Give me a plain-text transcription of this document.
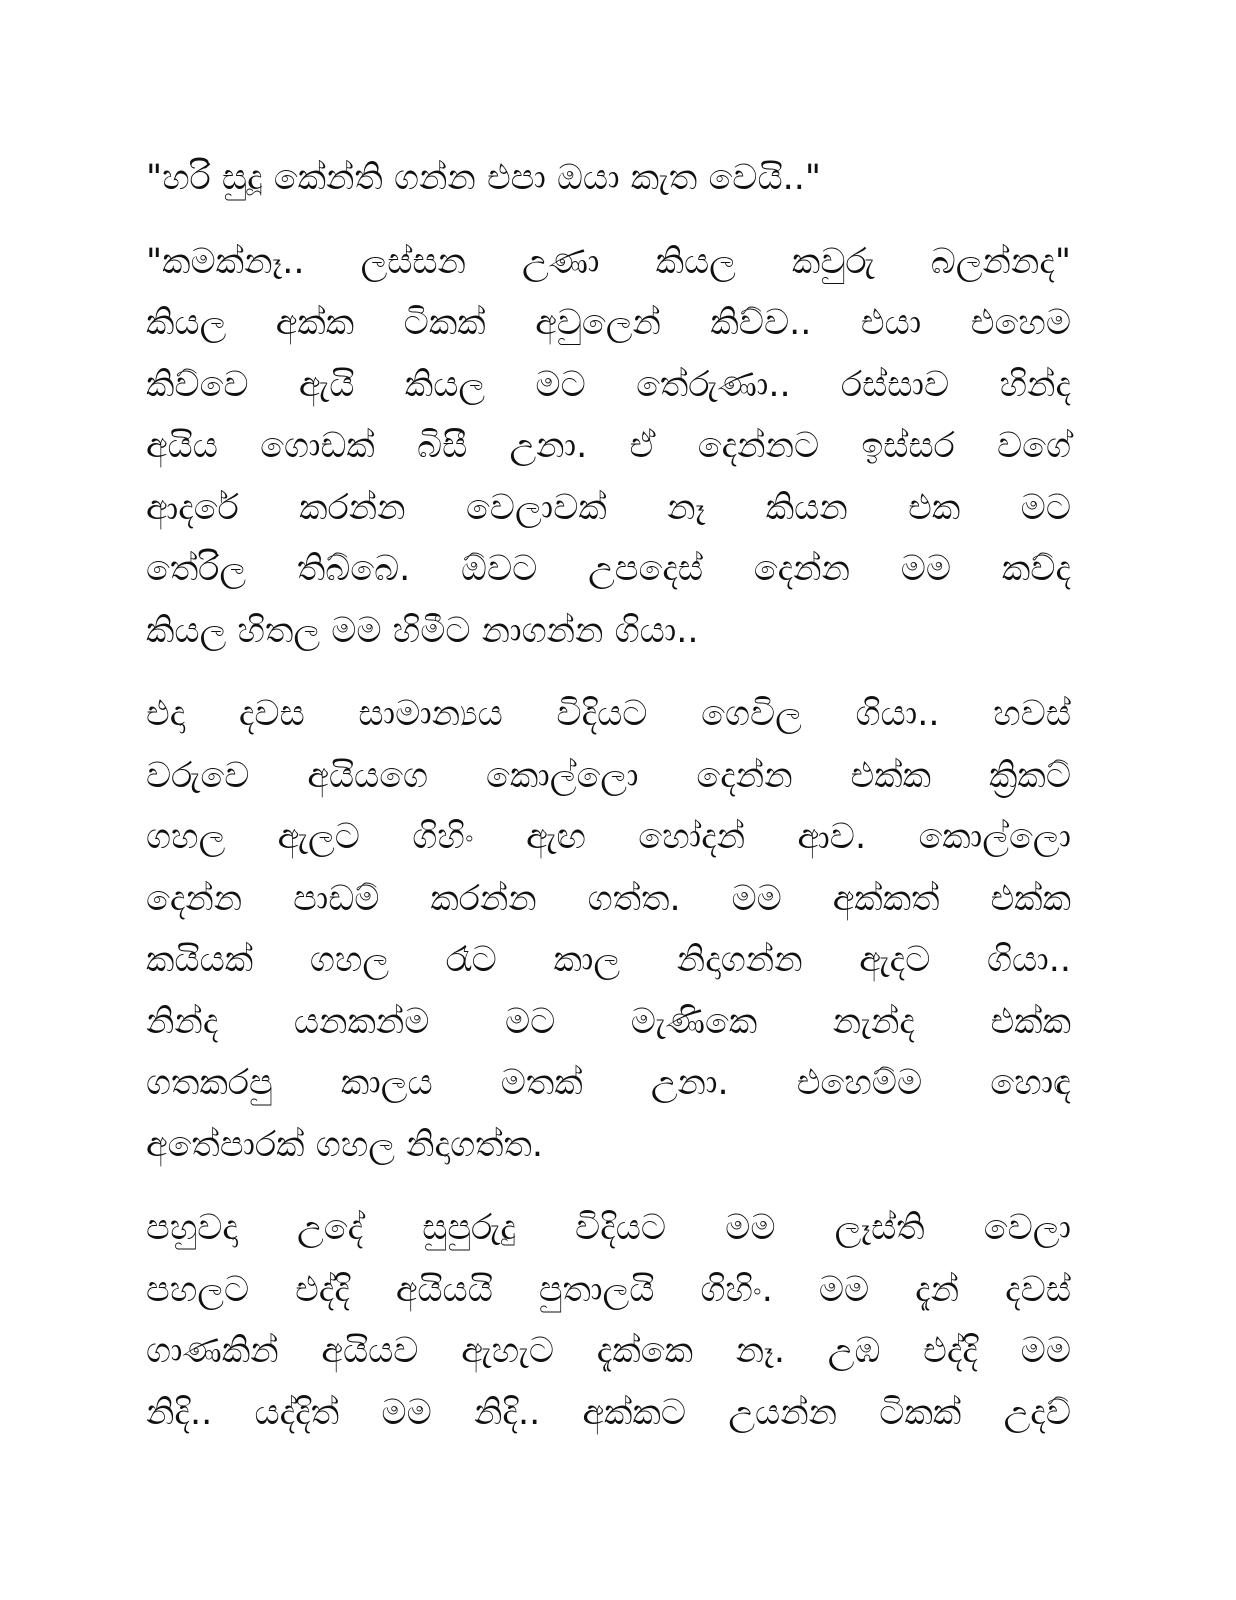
"හරි සුදූ කේන්ති ගන්න එපා ඔයා කැත වෙයි.."

"කමක්නෑ.. ලස්සන උණා කියල කවුරු බලන්නද"
කියල අක්ක ටිකක් අවුලෙන් කිව්ව.. එයා එහෙම
කිව්වෙ ඇයි කියල මට තේරුණා.. රස්සාව හින්ද
අයිය ගොඩක් බිසී උනා. ඒ දෙන්නට ඉස්සර වගේ
ආදරේ කරන්න වෙලාවක් නෑ කියන එක මට
තේරිල තිබ්බෙ. ඕවට උපදෙස් දෙන්න මම කව්ද
කියල හිතල මම හිමීට නාගන්න ගියා..

එදා දවස සාමාන්‍යය විදියට ගෙවිල ගියා.. හවස්
වරුවෙ අයියගෙ කොල්ලො දෙන්න එක්ක ක්‍රිකට්
ගහල ඇලට ගිහිං ඇඟ හෝදන් ආව. කොල්ලො
දෙන්න පාඩම් කරන්න ගත්ත. මම අක්කත් එක්ක
කයියක් ගහල රෑට කාල නිදාගන්න ඇදට ගියා..
නින්ද යනකන්ම මට මැණිකෙ නැන්ද එක්ක
ගතකරපු කාලය මතක් උනා. එහෙම්ම හොඳ
අතේපාරක් ගහල නිදාගත්ත.

පහුවදා උදේ සුපුරුදු විදියට මම ලෑස්ති වෙලා
පහලට එද්දි අයියයි පුතාලයි ගිහිං. මම දැන් දවස්
ගාණකින් අයියව ඇහැට දැක්කෙ නෑ. උඹ එද්දි මම
නිදි.. යද්දිත් මම නිදි.. අක්කට උයන්න ටිකක් උදව්
